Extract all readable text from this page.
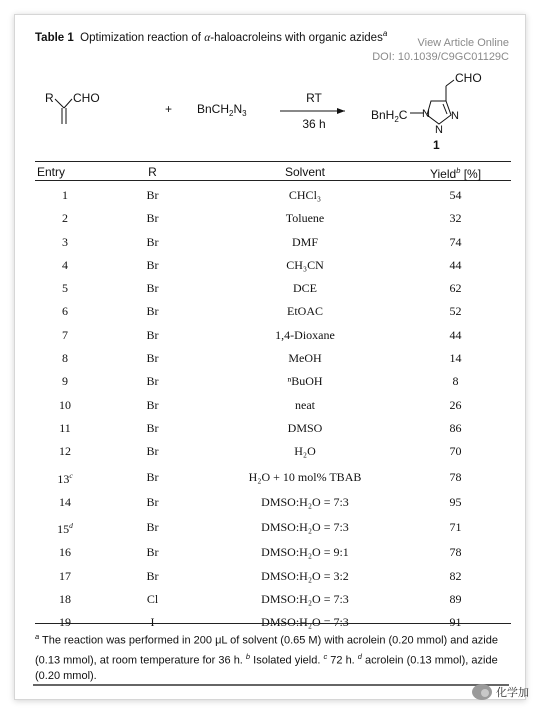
Table 1 Optimization reaction of α-haloacroleins with organic azides$^a$
View Article Online
DOI: 10.1039/C9GC01129C
R CHO
+ $BnCH_2N_3$
RT
36 h
CHO
BnH$_2$C N
N
N
1
Entry	R	Solvent	Yield$^b$ [%]
1	Br	CHCl₃	54
2	Br	Toluene	32
3	Br	DMF	74
4	Br	CH₃CN	44
5	Br	DCE	62
6	Br	EtOAC	52
7	Br	1,4-Dioxane	44
8	Br	MeOH	14
9	Br	ⁿBuOH	8
10	Br	neat	26
11	Br	DMSO	86
12	Br	H₂O	70
13$^c$	Br	H₂O + 10 mol% TBAB	78
14	Br	DMSO:H₂O = 7:3	95
15$^d$	Br	DMSO:H₂O = 7:3	71
16	Br	DMSO:H₂O = 9:1	78
17	Br	DMSO:H₂O = 3:2	82
18	Cl	DMSO:H₂O = 7:3	89
19	I	DMSO:H₂O = 7:3	91
$^a$ The reaction was performed in 200 μL of solvent (0.65 M) with acrolein (0.20 mmol) and azide (0.13 mmol), at room temperature for 36 h. $^b$ Isolated yield. $^c$ 72 h. $^d$ acrolein (0.13 mmol), azide (0.20 mmol).
化学加
